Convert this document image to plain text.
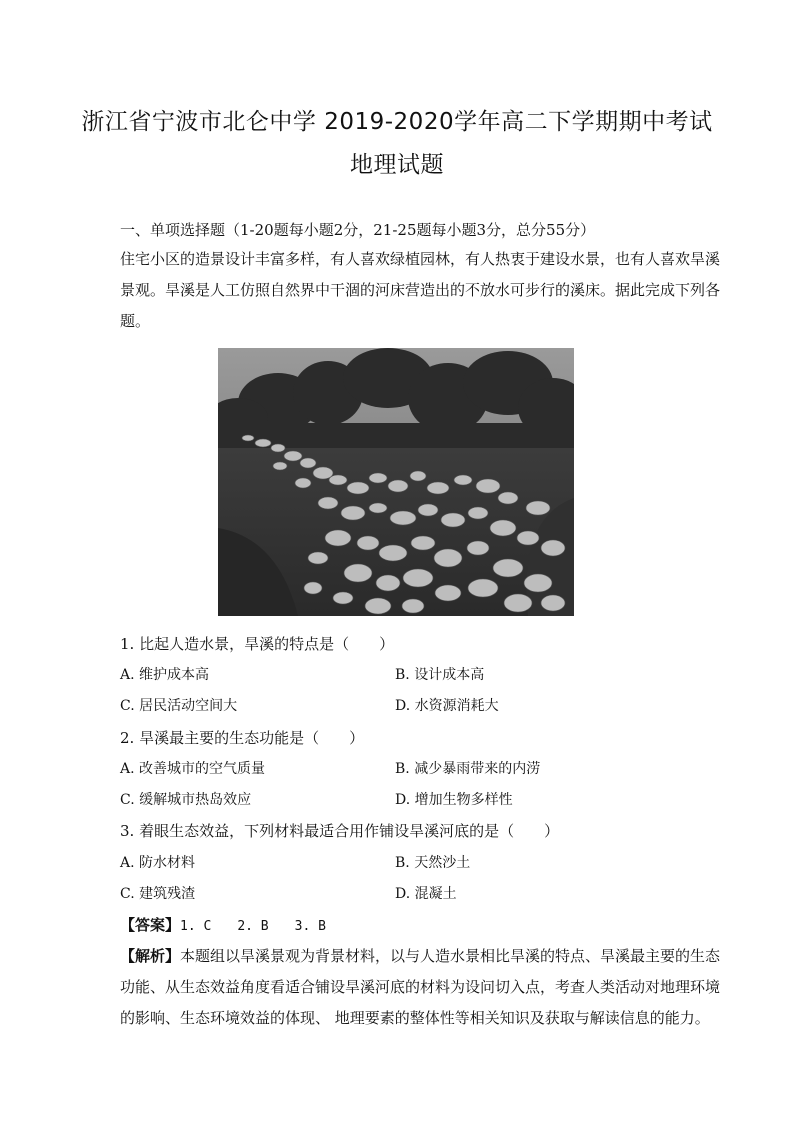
浙江省宁波市北仑中学 2019-2020学年高二下学期期中考试
地理试题
一、单项选择题（1-20题每小题2分，21-25题每小题3分，总分55分）
住宅小区的造景设计丰富多样，有人喜欢绿植园林，有人热衷于建设水景，也有人喜欢旱溪
景观。旱溪是人工仿照自然界中干涸的河床营造出的不放水可步行的溪床。据此完成下列各
题。
1. 比起人造水景，旱溪的特点是（　　）
A. 维护成本高	B. 设计成本高
C. 居民活动空间大	D. 水资源消耗大
2. 旱溪最主要的生态功能是（　　）
A. 改善城市的空气质量	B. 减少暴雨带来的内涝
C. 缓解城市热岛效应	D. 增加生物多样性
3. 着眼生态效益，下列材料最适合用作铺设旱溪河底的是（　　）
A. 防水材料	B. 天然沙土
C. 建筑残渣	D. 混凝土
【答案】1. C　　2. B　　3. B
【解析】本题组以旱溪景观为背景材料，以与人造水景相比旱溪的特点、旱溪最主要的生态
功能、从生态效益角度看适合铺设旱溪河底的材料为设问切入点，考查人类活动对地理环境
的影响、生态环境效益的体现、 地理要素的整体性等相关知识及获取与解读信息的能力。
